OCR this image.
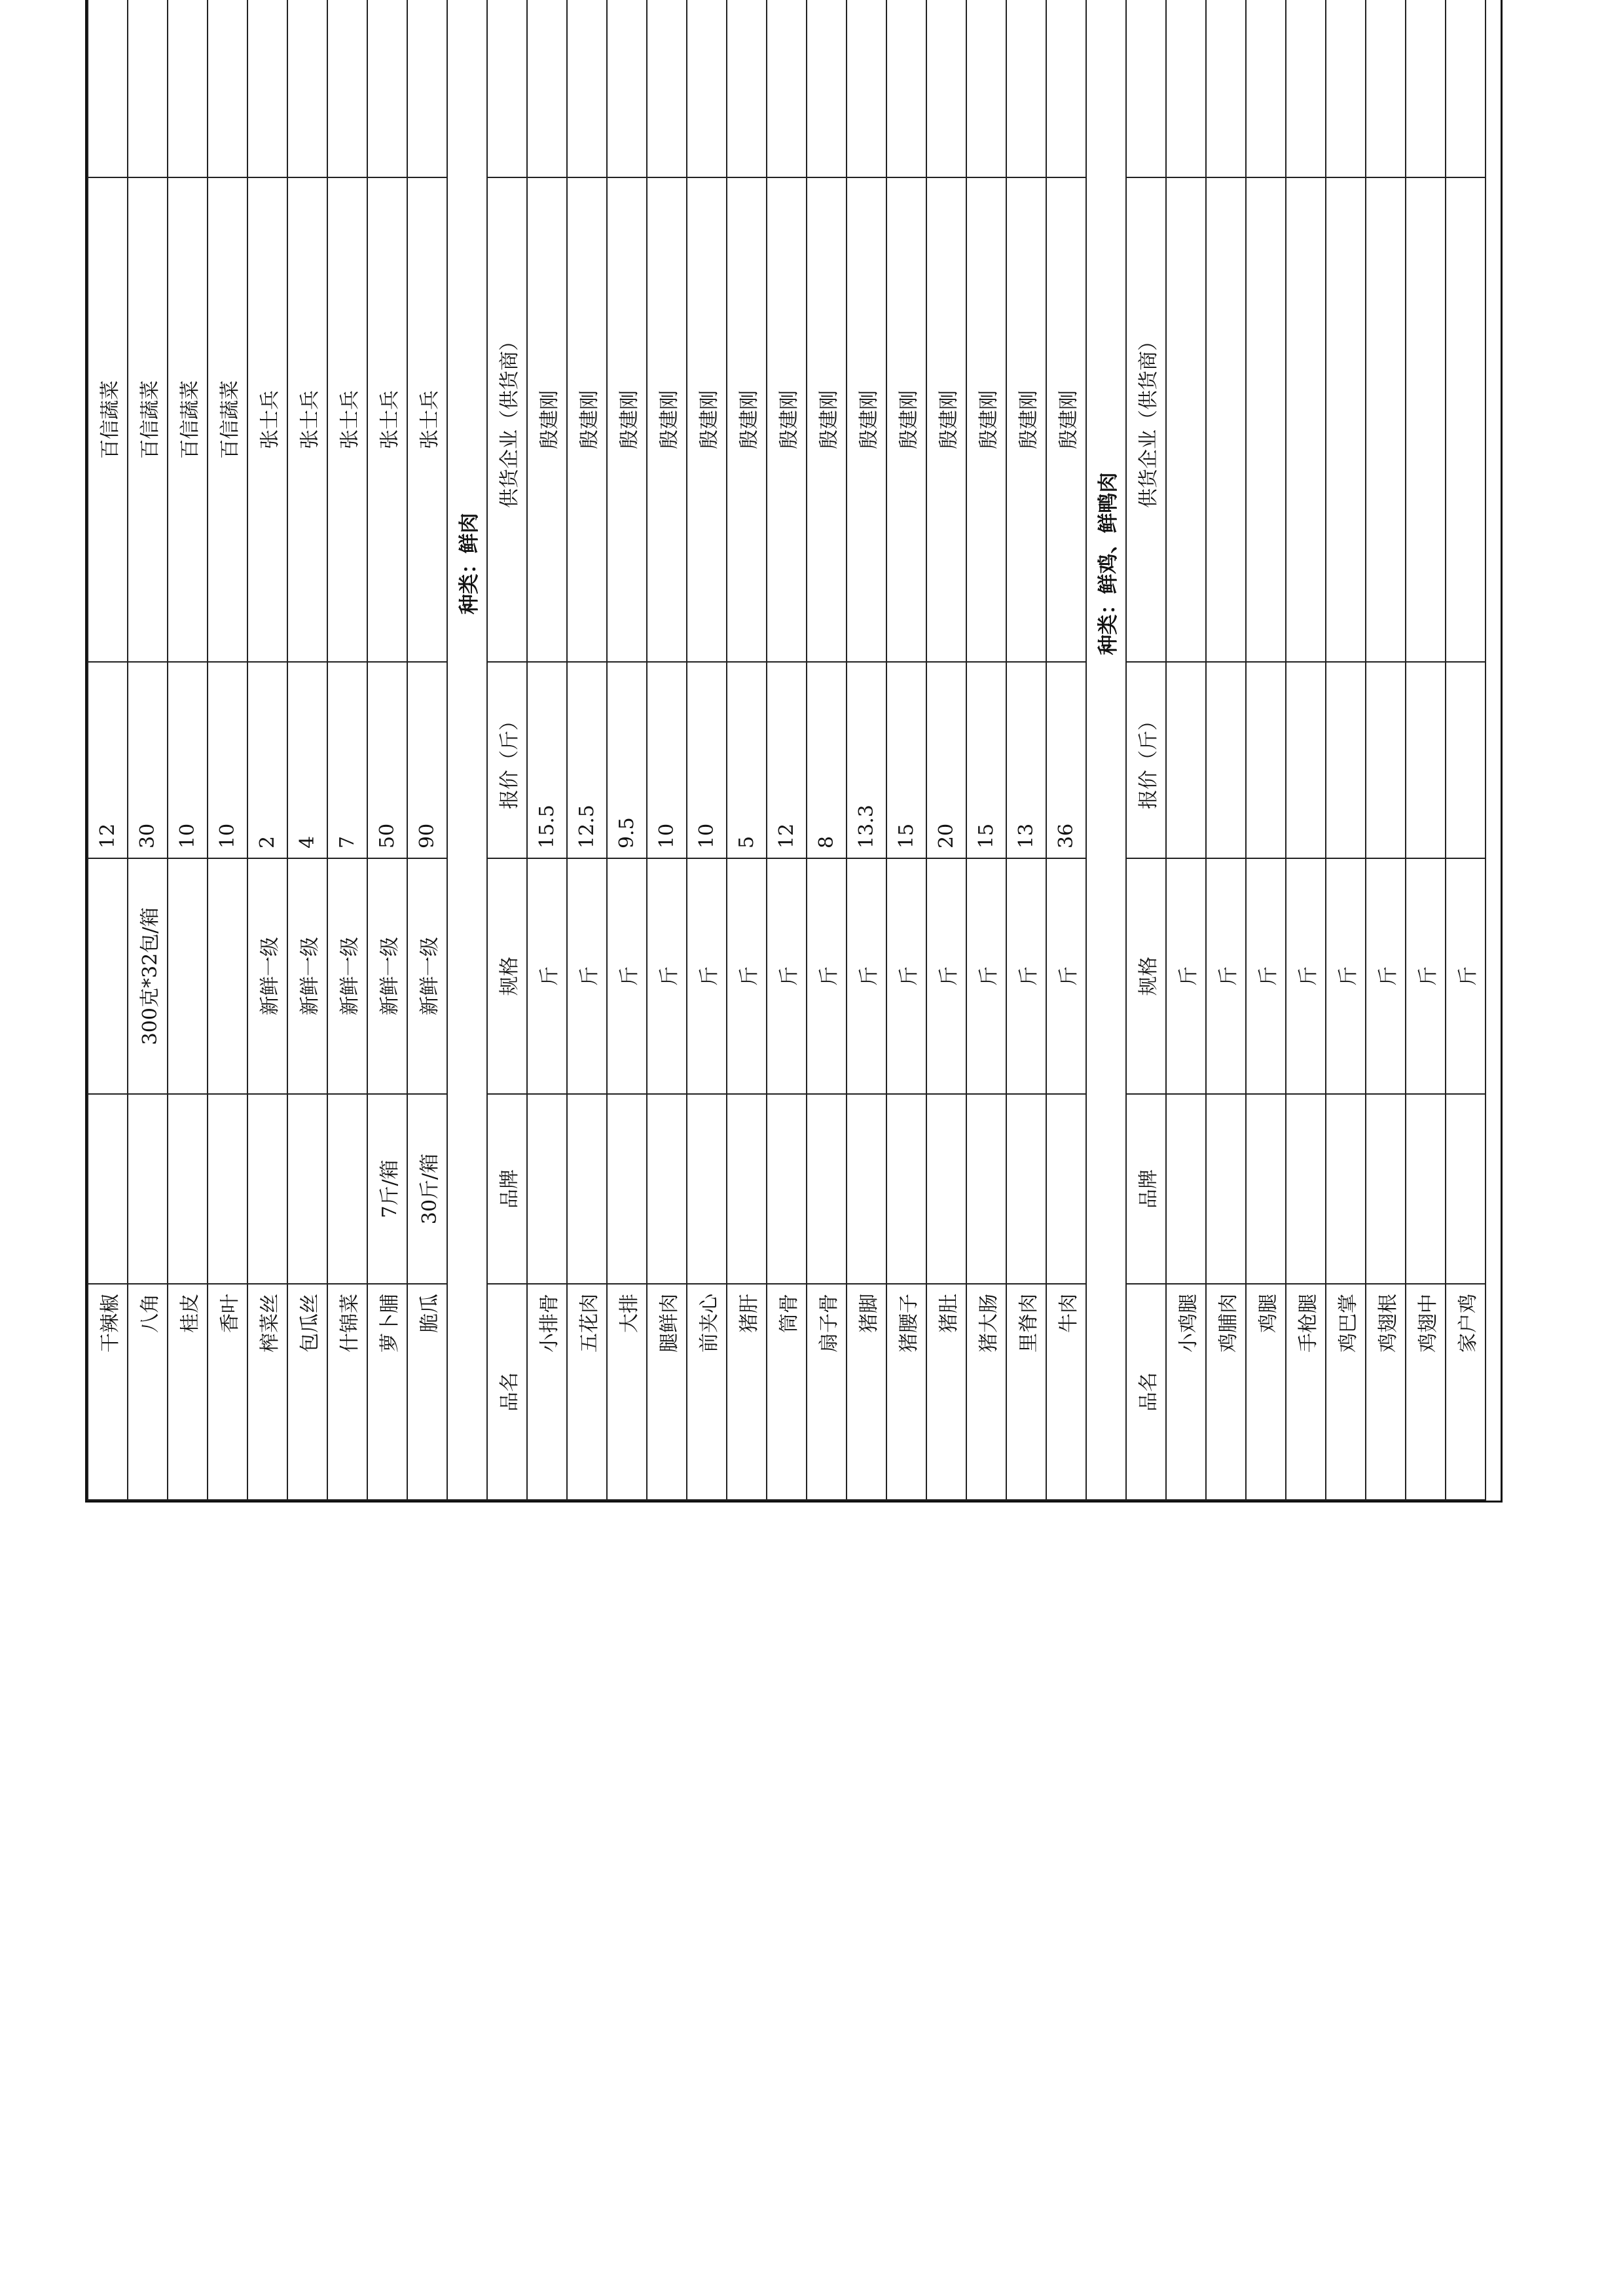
干辣椒			12	百信蔬菜	
八角		300克*32包/箱	30	百信蔬菜	
桂皮			10	百信蔬菜	
香叶			10	百信蔬菜	
榨菜丝		新鲜一级	2	张士兵	
包瓜丝		新鲜一级	4	张士兵	
什锦菜		新鲜一级	7	张士兵	
萝卜脯	7斤/箱	新鲜一级	50	张士兵	
脆瓜	30斤/箱	新鲜一级	90	张士兵	
种类：鲜肉					
品名	品牌	规格	报价（斤）	供货企业（供货商）	
小排骨		斤	15.5	殷建刚	
五花肉		斤	12.5	殷建刚	
大排		斤	9.5	殷建刚	
腿鲜肉		斤	10	殷建刚	
前夹心		斤	10	殷建刚	
猪肝		斤	5	殷建刚	
筒骨		斤	12	殷建刚	
扇子骨		斤	8	殷建刚	
猪脚		斤	13.3	殷建刚	
猪腰子		斤	15	殷建刚	
猪肚		斤	20	殷建刚	
猪大肠		斤	15	殷建刚	
里脊肉		斤	13	殷建刚	
牛肉		斤	36	殷建刚	
种类：鲜鸡、鲜鸭肉					
品名	品牌	规格	报价（斤）	供货企业（供货商）	
小鸡腿		斤			
鸡脯肉		斤			
鸡腿		斤			
手枪腿		斤			
鸡巴掌		斤			
鸡翅根		斤			
鸡翅中		斤			
家户鸡		斤			
